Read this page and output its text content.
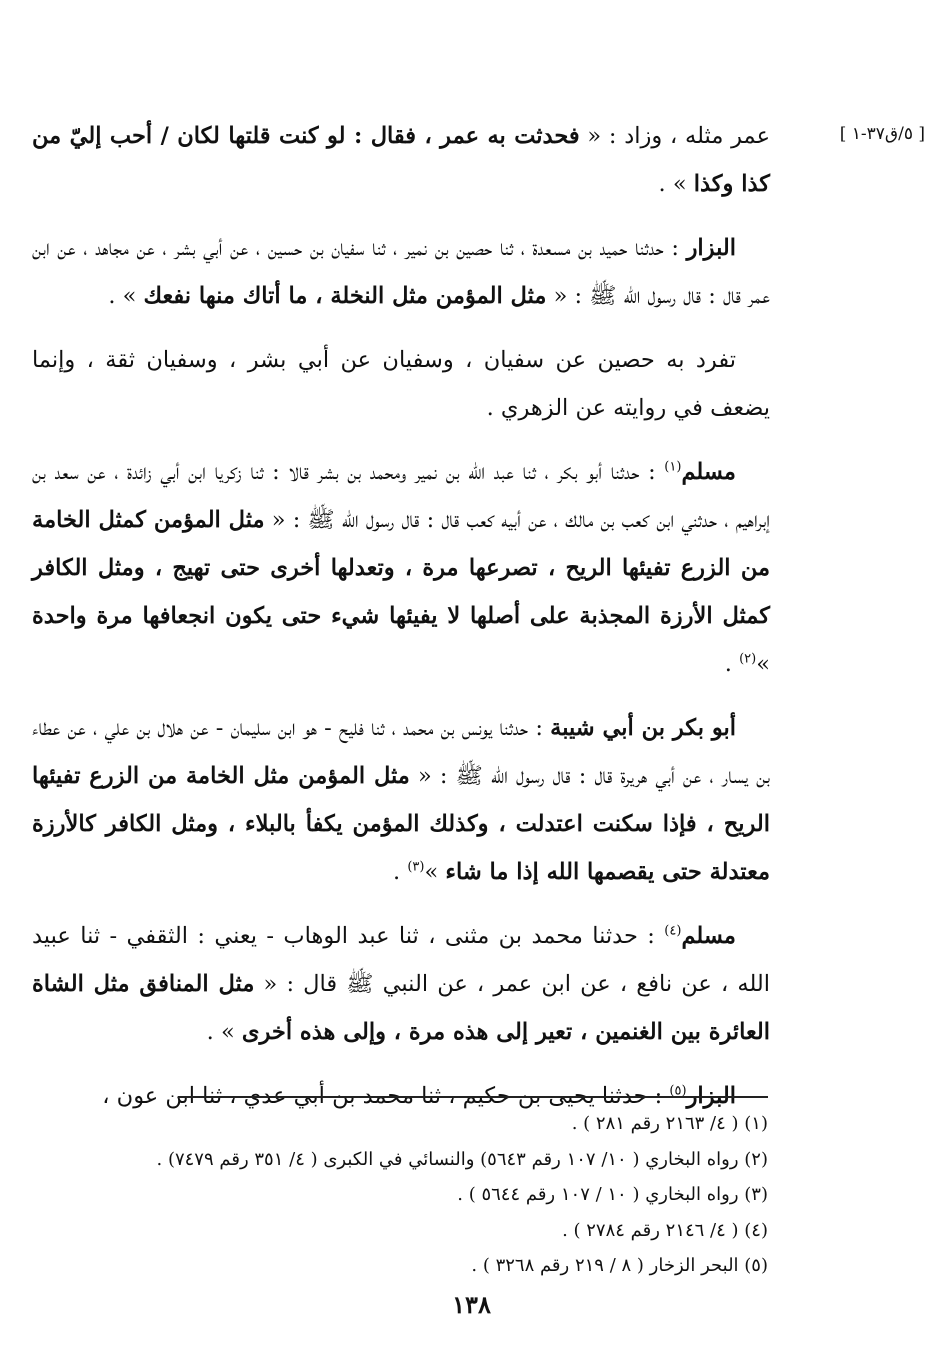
[ ٥/ق٣٧-١ ]

عمر مثله ، وزاد : « فحدثت به عمر ، فقال : لو كنت قلتها لكان / أحب إليّ من كذا وكذا » .

البزار : حدثنا حميد بن مسعدة ، ثنا حصين بن نمير ، ثنا سفيان بن حسين ، عن أبي بشر ، عن مجاهد ، عن ابن عمر قال : قال رسول الله ﷺ : « مثل المؤمن مثل النخلة ، ما أتاك منها نفعك » .

تفرد به حصين عن سفيان ، وسفيان عن أبي بشر ، وسفيان ثقة ، وإنما يضعف في روايته عن الزهري .

مسلم$^{(١)}$ : حدثنا أبو بكر ، ثنا عبد الله بن نمير ومحمد بن بشر قالا : ثنا زكريا ابن أبي زائدة ، عن سعد بن إبراهيم ، حدثني ابن كعب بن مالك ، عن أبيه كعب قال : قال رسول الله ﷺ : « مثل المؤمن كمثل الخامة من الزرع تفيئها الريح ، تصرعها مرة ، وتعدلها أخرى حتى تهيج ، ومثل الكافر كمثل الأرزة المجذبة على أصلها لا يفيئها شيء حتى يكون انجعافها مرة واحدة »$^{(٢)}$ .

أبو بكر بن أبي شيبة : حدثنا يونس بن محمد ، ثنا فليح - هو ابن سليمان - عن هلال بن علي ، عن عطاء بن يسار ، عن أبي هريرة قال : قال رسول الله ﷺ : « مثل المؤمن مثل الخامة من الزرع تفيئها الريح ، فإذا سكنت اعتدلت ، وكذلك المؤمن يكفأ بالبلاء ، ومثل الكافر كالأرزة معتدلة حتى يقصمها الله إذا ما شاء »$^{(٣)}$ .

مسلم$^{(٤)}$ : حدثنا محمد بن مثنى ، ثنا عبد الوهاب - يعني : الثقفي - ثنا عبيد الله ، عن نافع ، عن ابن عمر ، عن النبي ﷺ قال : « مثل المنافق مثل الشاة العائرة بين الغنمين ، تعير إلى هذه مرة ، وإلى هذه أخرى » .

البزار$^{(٥)}$ : حدثنا يحيى بن حكيم ، ثنا محمد بن أبي عدي ، ثنا ابن عون ،

(١) ( ٤/ ٢١٦٣ رقم ٢٨١ ) .

(٢) رواه البخاري ( ١٠/ ١٠٧ رقم ٥٦٤٣) والنسائي في الكبرى ( ٤/ ٣٥١ رقم ٧٤٧٩) .

(٣) رواه البخاري ( ١٠ / ١٠٧ رقم ٥٦٤٤ ) .

(٤) ( ٤/ ٢١٤٦ رقم ٢٧٨٤ ) .

(٥) البحر الزخار ( ٨ / ٢١٩ رقم ٣٢٦٨ ) .

١٣٨
